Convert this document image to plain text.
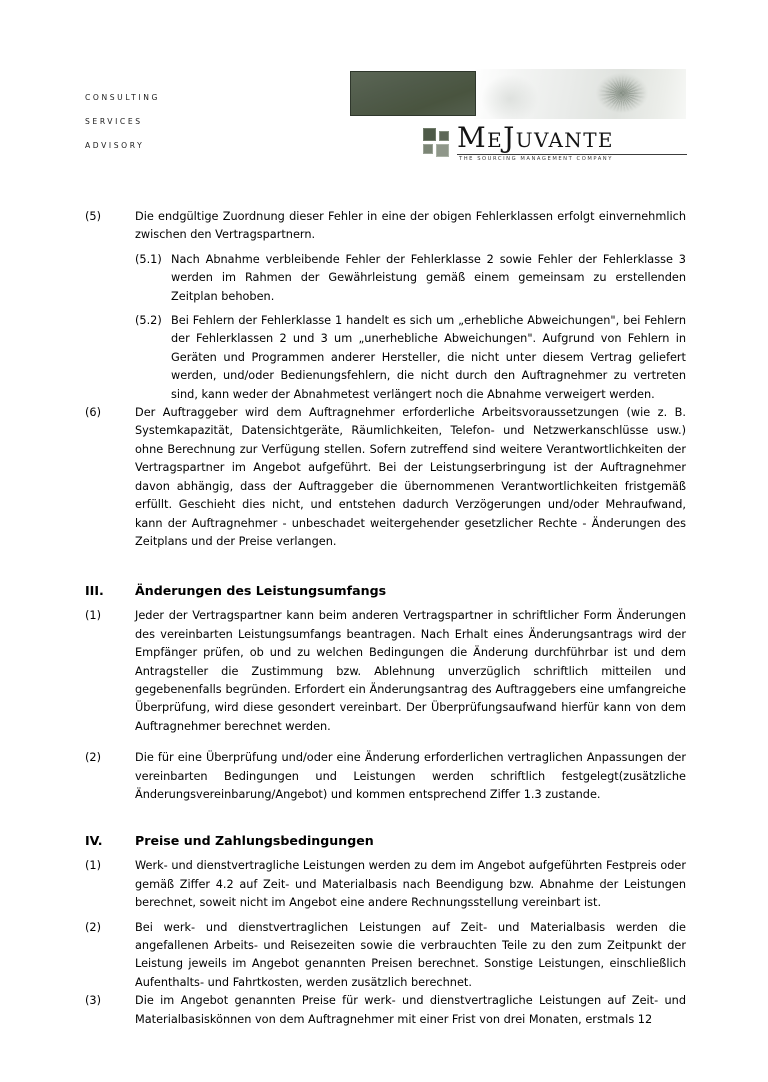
CONSULTING
SERVICES
ADVISORY	MEJUVANTE
THE SOURCING MANAGEMENT COMPANY
(5)	Die endgültige Zuordnung dieser Fehler in eine der obigen Fehlerklassen erfolgt einvernehmlich zwischen den Vertragspartnern.
(5.1) Nach Abnahme verbleibende Fehler der Fehlerklasse 2 sowie Fehler der Fehlerklasse 3 werden im Rahmen der Gewährleistung gemäß einem gemeinsam zu erstellenden Zeitplan behoben.
(5.2) Bei Fehlern der Fehlerklasse 1 handelt es sich um „erhebliche Abweichungen", bei Fehlern der Fehlerklassen 2 und 3 um „unerhebliche Abweichungen". Aufgrund von Fehlern in Geräten und Programmen anderer Hersteller, die nicht unter diesem Vertrag geliefert werden, und/oder Bedienungsfehlern, die nicht durch den Auftragnehmer zu vertreten sind, kann weder der Abnahmetest verlängert noch die Abnahme verweigert werden.
(6)	Der Auftraggeber wird dem Auftragnehmer erforderliche Arbeitsvoraussetzungen (wie z. B. Systemkapazität, Datensichtgeräte, Räumlichkeiten, Telefon- und Netzwerkanschlüsse usw.) ohne Berechnung zur Verfügung stellen. Sofern zutreffend sind weitere Verantwortlichkeiten der Vertragspartner im Angebot aufgeführt. Bei der Leistungserbringung ist der Auftragnehmer davon abhängig, dass der Auftraggeber die übernommenen Verantwortlichkeiten fristgemäß erfüllt. Geschieht dies nicht, und entstehen dadurch Verzögerungen und/oder Mehraufwand, kann der Auftragnehmer - unbeschadet weitergehender gesetzlicher Rechte - Änderungen des Zeitplans und der Preise verlangen.
III.	Änderungen des Leistungsumfangs
(1)	Jeder der Vertragspartner kann beim anderen Vertragspartner in schriftlicher Form Änderungen des vereinbarten Leistungsumfangs beantragen. Nach Erhalt eines Änderungsantrags wird der Empfänger prüfen, ob und zu welchen Bedingungen die Änderung durchführbar ist und dem Antragsteller die Zustimmung bzw. Ablehnung unverzüglich schriftlich mitteilen und gegebenenfalls begründen. Erfordert ein Änderungsantrag des Auftraggebers eine umfangreiche Überprüfung, wird diese gesondert vereinbart. Der Überprüfungsaufwand hierfür kann von dem Auftragnehmer berechnet werden.
(2)	Die für eine Überprüfung und/oder eine Änderung erforderlichen vertraglichen Anpassungen der vereinbarten Bedingungen und Leistungen werden schriftlich festgelegt(zusätzliche Änderungsvereinbarung/Angebot) und kommen entsprechend Ziffer 1.3 zustande.
IV.	Preise und Zahlungsbedingungen
(1)	Werk- und dienstvertragliche Leistungen werden zu dem im Angebot aufgeführten Festpreis oder gemäß Ziffer 4.2 auf Zeit- und Materialbasis nach Beendigung bzw. Abnahme der Leistungen berechnet, soweit nicht im Angebot eine andere Rechnungsstellung vereinbart ist.
(2)	Bei werk- und dienstvertraglichen Leistungen auf Zeit- und Materialbasis werden die angefallenen Arbeits- und Reisezeiten sowie die verbrauchten Teile zu den zum Zeitpunkt der Leistung jeweils im Angebot genannten Preisen berechnet. Sonstige Leistungen, einschließlich Aufenthalts- und Fahrtkosten, werden zusätzlich berechnet.
(3)	Die im Angebot genannten Preise für werk- und dienstvertragliche Leistungen auf Zeit- und Materialbasiskönnen von dem Auftragnehmer mit einer Frist von drei Monaten, erstmals 12
